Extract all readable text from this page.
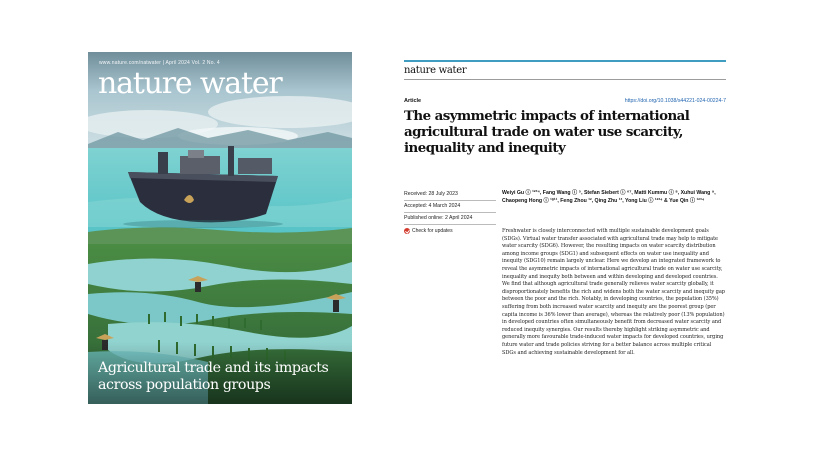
www.nature.com/natwater | April 2024 Vol. 2 No. 4
nature water
Agricultural trade and its impacts across population groups
nature water
Article	https://doi.org/10.1038/s44221-024-00224-7
The asymmetric impacts of international agricultural trade on water use scarcity, inequality and inequity
Received: 28 July 2023
Accepted: 4 March 2024
Published online: 2 April 2024
Check for updates
Weiyi Gu ⓘ ¹²³⁴, Fang Wang ⓘ ⁵, Stefan Siebert ⓘ ⁶⁷, Matti Kummu ⓘ ⁸, Xuhui Wang ⁹, Chaopeng Hong ⓘ ¹⁰¹¹, Feng Zhou ¹², Qing Zhu ¹³, Yong Liu ⓘ ¹²³⁴ & Yue Qin ⓘ ¹²³⁴
Freshwater is closely interconnected with multiple sustainable development goals (SDGs). Virtual water transfer associated with agricultural trade may help to mitigate water scarcity (SDG6). However, the resulting impacts on water scarcity distribution among income groups (SDG1) and subsequent effects on water use inequality and inequity (SDG10) remain largely unclear. Here we develop an integrated framework to reveal the asymmetric impacts of international agricultural trade on water use scarcity, inequality and inequity both between and within developing and developed countries. We find that although agricultural trade generally relieves water scarcity globally, it disproportionately benefits the rich and widens both the water scarcity and inequity gap between the poor and the rich. Notably, in developing countries, the population (35%) suffering from both increased water scarcity and inequity are the poorest group (per capita income is 36% lower than average), whereas the relatively poor (13% population) in developed countries often simultaneously benefit from decreased water scarcity and reduced inequity synergies. Our results thereby highlight striking asymmetric and generally more favourable trade-induced water impacts for developed countries, urging future water and trade policies striving for a better balance across multiple critical SDGs and achieving sustainable development for all.
